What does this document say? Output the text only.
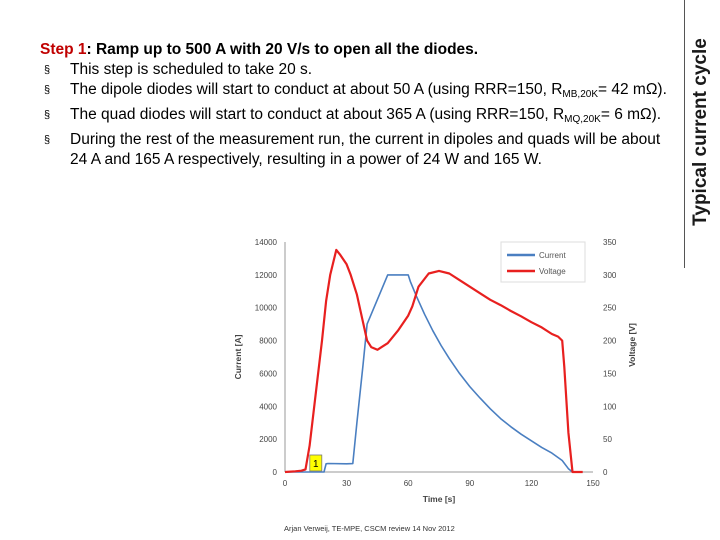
Typical current cycle
Step 1: Ramp up to 500 A with 20 V/s to open all the diodes.
§ This step is scheduled to take 20 s.
§ The dipole diodes will start to conduct at about 50 A (using RRR=150, $R_{MB,20K}= 42$ mΩ).
§ The quad diodes will start to conduct at about 365 A (using RRR=150, $R_{MQ,20K}= 6$ mΩ).
§ During the rest of the measurement run, the current in dipoles and quads will be about 24 A and 165 A respectively, resulting in a power of 24 W and 165 W.
0
2000
4000
6000
8000
10000
12000
14000
0
50
100
150
200
250
300
350
0	30	60	90	120	150
Time [s]
Current [A]	Voltage [V]
Current
Voltage
1
Arjan Verweij, TE-MPE, CSCM review 14 Nov 2012
